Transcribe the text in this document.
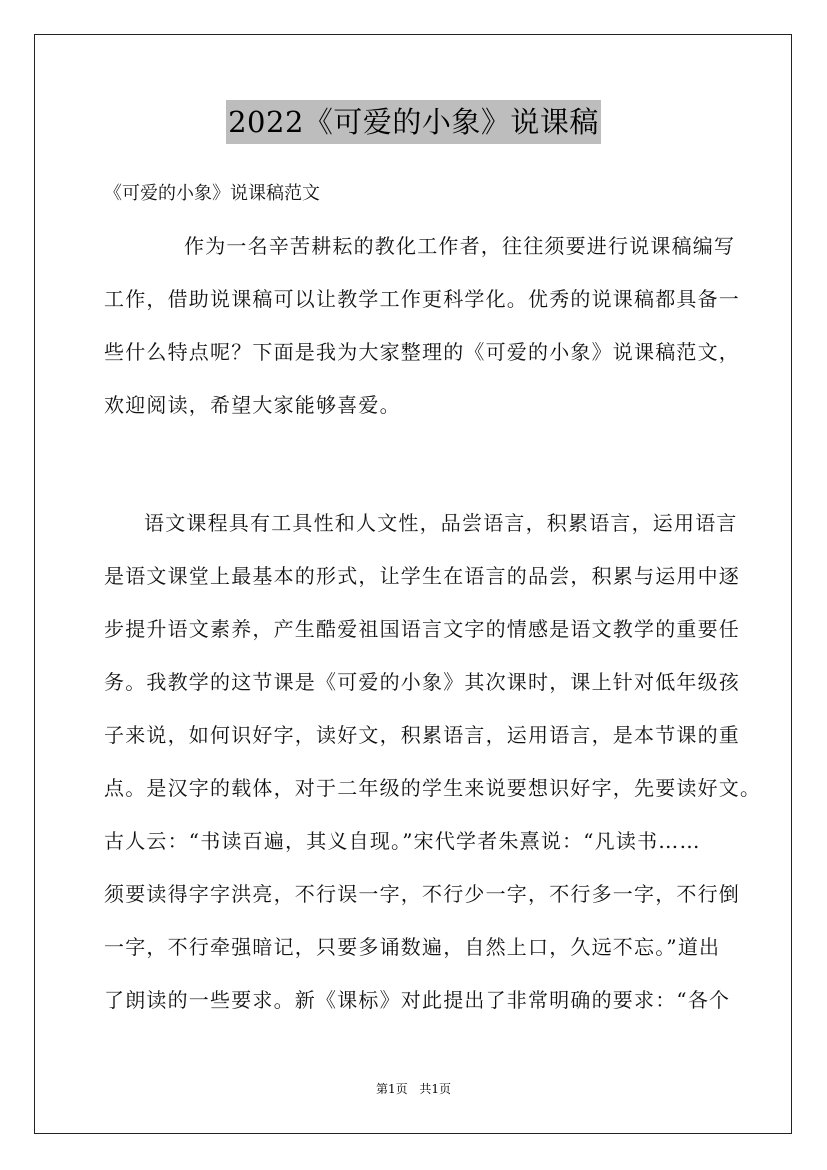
2022《可爱的小象》说课稿
《可爱的小象》说课稿范文
作为一名辛苦耕耘的教化工作者，往往须要进行说课稿编写
工作，借助说课稿可以让教学工作更科学化。优秀的说课稿都具备一
些什么特点呢？下面是我为大家整理的《可爱的小象》说课稿范文，
欢迎阅读，希望大家能够喜爱。
语文课程具有工具性和人文性，品尝语言，积累语言，运用语言
是语文课堂上最基本的形式，让学生在语言的品尝，积累与运用中逐
步提升语文素养，产生酷爱祖国语言文字的情感是语文教学的重要任
务。我教学的这节课是《可爱的小象》其次课时，课上针对低年级孩
子来说，如何识好字，读好文，积累语言，运用语言，是本节课的重
点。是汉字的载体，对于二年级的学生来说要想识好字，先要读好文。
古人云：“书读百遍，其义自现。”宋代学者朱熹说：“凡读书……
须要读得字字洪亮，不行误一字，不行少一字，不行多一字，不行倒
一字，不行牵强暗记，只要多诵数遍，自然上口，久远不忘。”道出
了朗读的一些要求。新《课标》对此提出了非常明确的要求：“各个
第1页 共1页
